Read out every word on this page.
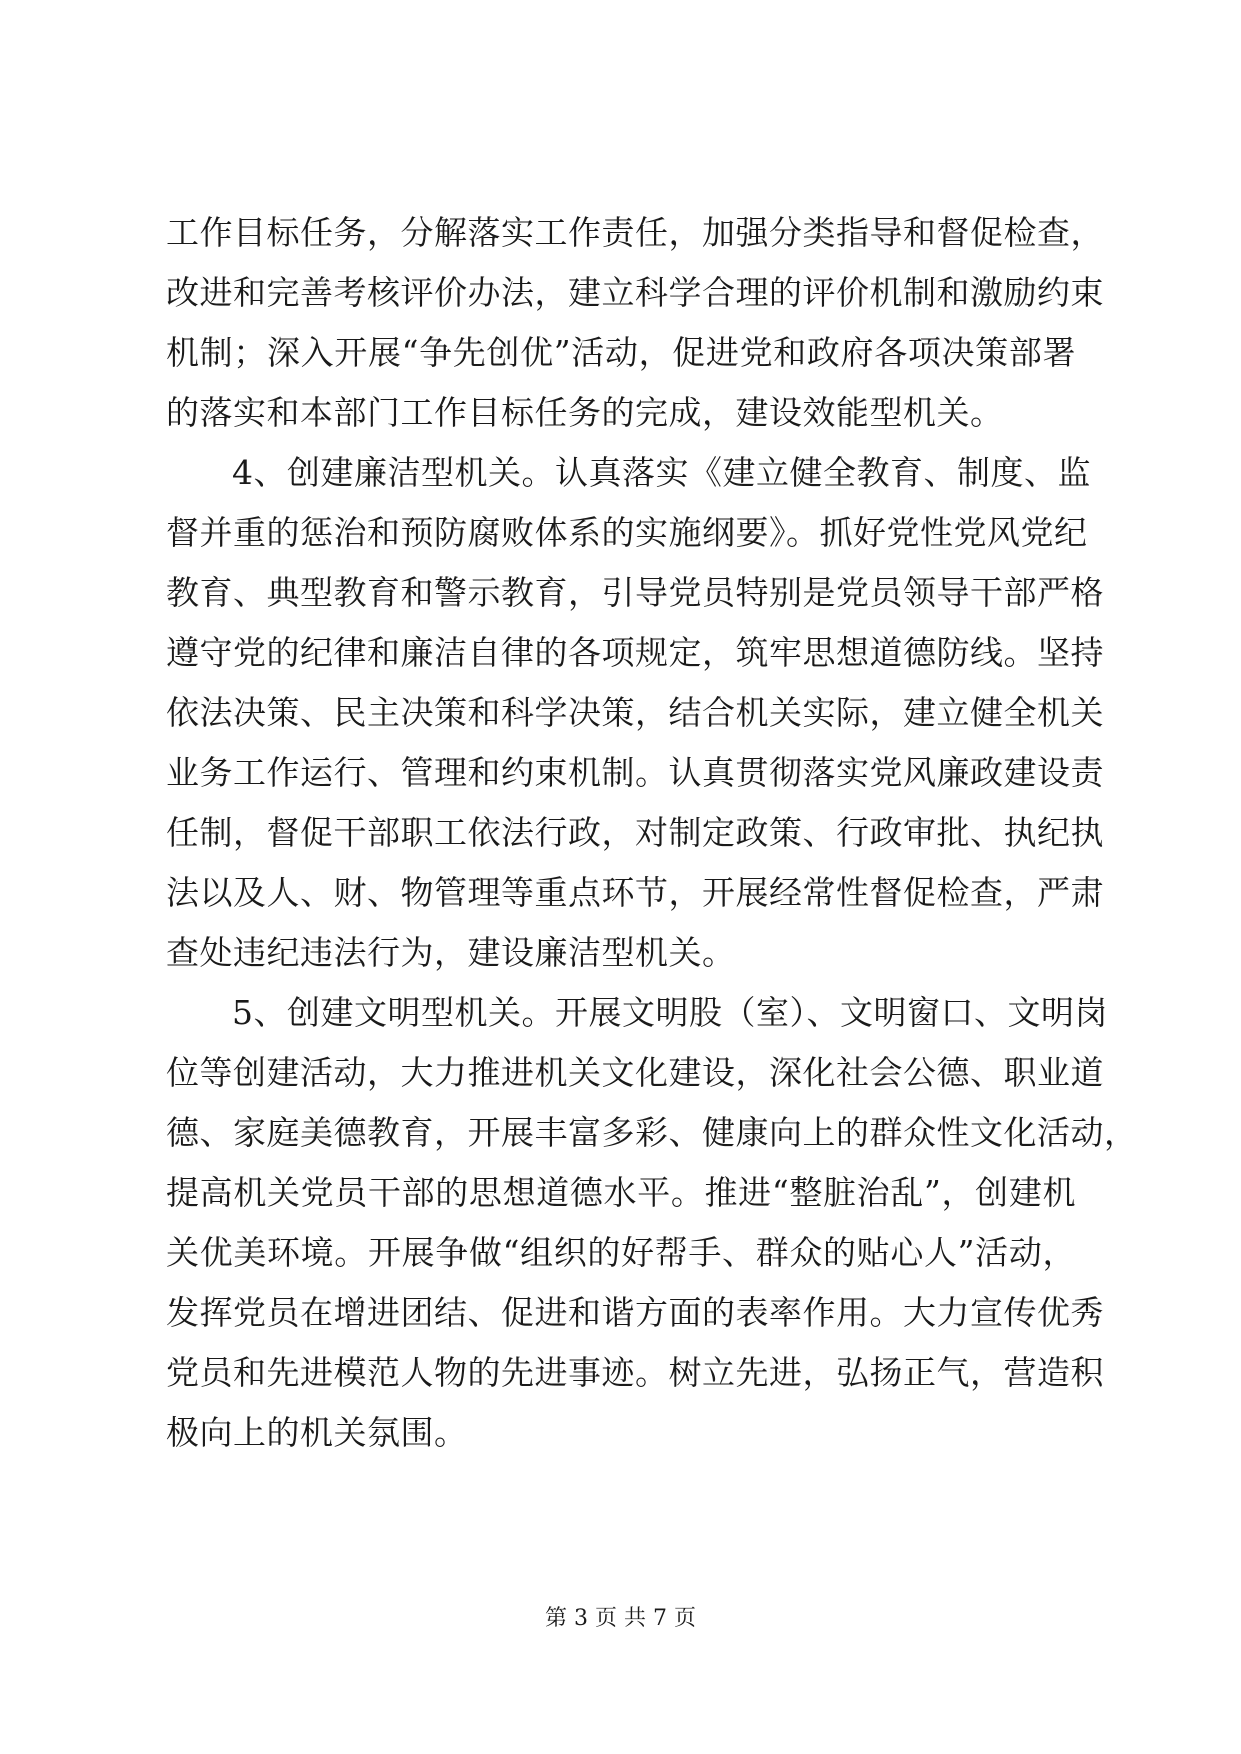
工作目标任务，分解落实工作责任，加强分类指导和督促检查，
改进和完善考核评价办法，建立科学合理的评价机制和激励约束
机制；深入开展“争先创优”活动，促进党和政府各项决策部署
的落实和本部门工作目标任务的完成，建设效能型机关。
4、创建廉洁型机关。认真落实《建立健全教育、制度、监
督并重的惩治和预防腐败体系的实施纲要》。抓好党性党风党纪
教育、典型教育和警示教育，引导党员特别是党员领导干部严格
遵守党的纪律和廉洁自律的各项规定，筑牢思想道德防线。坚持
依法决策、民主决策和科学决策，结合机关实际，建立健全机关
业务工作运行、管理和约束机制。认真贯彻落实党风廉政建设责
任制，督促干部职工依法行政，对制定政策、行政审批、执纪执
法以及人、财、物管理等重点环节，开展经常性督促检查，严肃
查处违纪违法行为，建设廉洁型机关。
5、创建文明型机关。开展文明股（室）、文明窗口、文明岗
位等创建活动，大力推进机关文化建设，深化社会公德、职业道
德、家庭美德教育，开展丰富多彩、健康向上的群众性文化活动，
提高机关党员干部的思想道德水平。推进“整脏治乱”，创建机
关优美环境。开展争做“组织的好帮手、群众的贴心人”活动，
发挥党员在增进团结、促进和谐方面的表率作用。大力宣传优秀
党员和先进模范人物的先进事迹。树立先进，弘扬正气，营造积
极向上的机关氛围。
第 3 页 共 7 页
